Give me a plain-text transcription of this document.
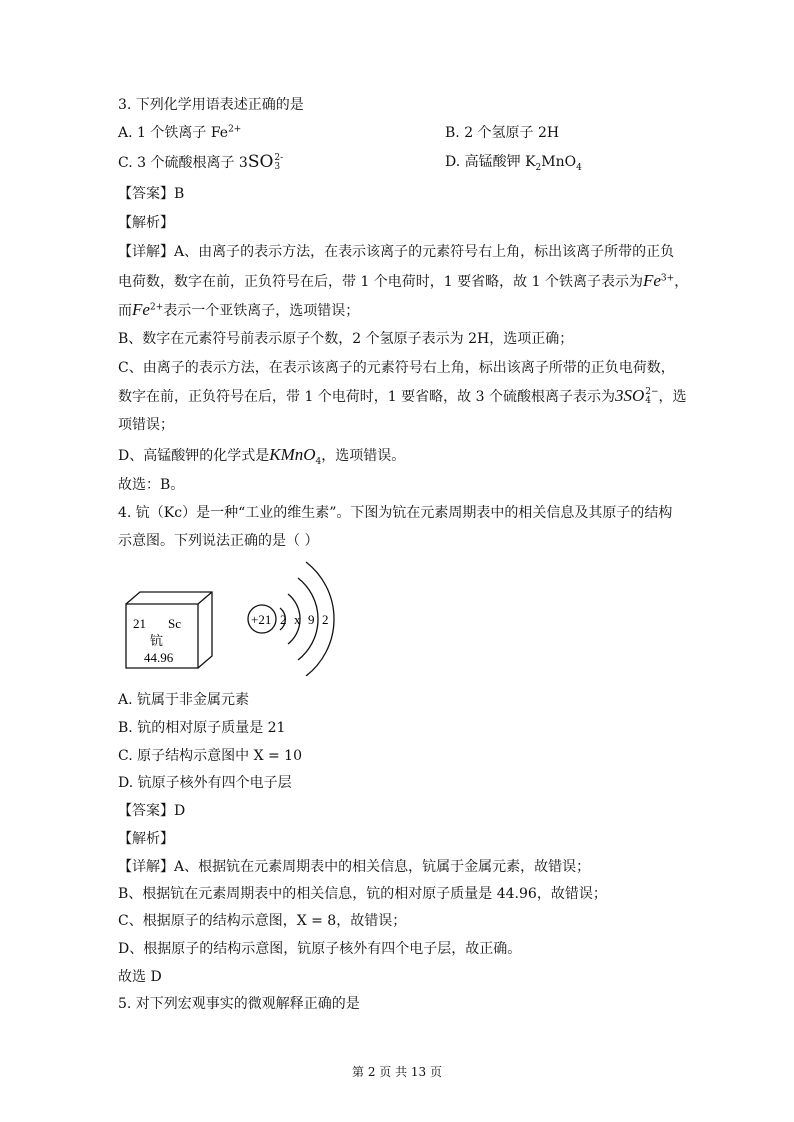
3. 下列化学用语表述正确的是
A. 1 个铁离子 $Fe^{2+}$	B. 2 个氢原子 2H
C. 3 个硫酸根离子 3SO 2-
3	D. 高锰酸钾 $K_2MnO_4$
【答案】B
【解析】
【详解】A、由离子的表示方法，在表示该离子的元素符号右上角，标出该离子所带的正负
电荷数，数字在前，正负符号在后，带 1 个电荷时，1 要省略，故 1 个铁离子表示为$Fe^{3+}$，
而$Fe^{2+}$表示一个亚铁离子，选项错误；
B、数字在元素符号前表示原子个数，2 个氢原子表示为 2H，选项正确；
C、由离子的表示方法，在表示该离子的元素符号右上角，标出该离子所带的正负电荷数，
数字在前，正负符号在后，带 1 个电荷时，1 要省略，故 3 个硫酸根离子表示为3SO 2−
4 ，选
项错误；
D、高锰酸钾的化学式是KMnO$_4$，选项错误。
故选：B。
4. 钪（Kc）是一种“工业的维生素”。下图为钪在元素周期表中的相关信息及其原子的结构
示意图。下列说法正确的是（ ）
21 Sc
钪
44.96
+21 2 x 9 2
A. 钪属于非金属元素
B. 钪的相对原子质量是 21
C. 原子结构示意图中 X = 10
D. 钪原子核外有四个电子层
【答案】D
【解析】
【详解】A、根据钪在元素周期表中的相关信息，钪属于金属元素，故错误；
B、根据钪在元素周期表中的相关信息，钪的相对原子质量是 44.96，故错误；
C、根据原子的结构示意图，X = 8，故错误；
D、根据原子的结构示意图，钪原子核外有四个电子层，故正确。
故选 D
5. 对下列宏观事实的微观解释正确的是
第 2 页 共 13 页
